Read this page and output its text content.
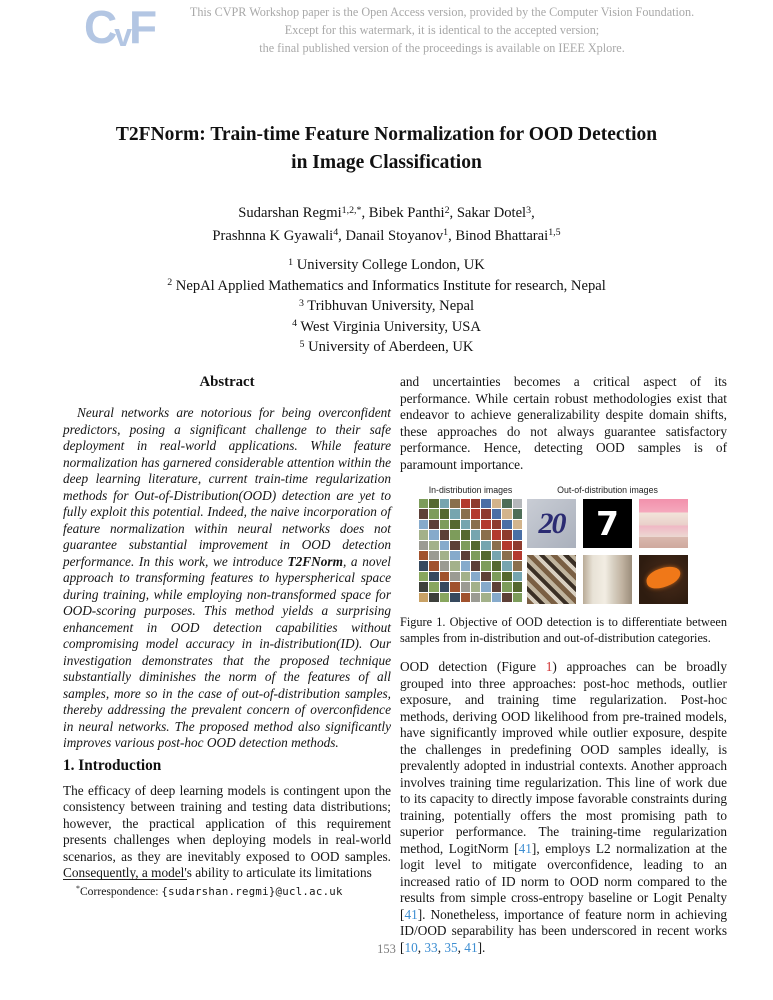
CvF	This CVPR Workshop paper is the Open Access version, provided by the Computer Vision Foundation.
Except for this watermark, it is identical to the accepted version;
the final published version of the proceedings is available on IEEE Xplore.
T2FNorm: Train-time Feature Normalization for OOD Detection
in Image Classification
Sudarshan Regmi$^{1,2,*}$, Bibek Panthi$^2$, Sakar Dotel$^3$,
Prashnna K Gyawali$^4$, Danail Stoyanov$^1$, Binod Bhattarai$^{1,5}$
$^1$ University College London, UK
$^2$ NepAl Applied Mathematics and Informatics Institute for research, Nepal
$^3$ Tribhuvan University, Nepal
$^4$ West Virginia University, USA
$^5$ University of Aberdeen, UK
Abstract

Neural networks are notorious for being overconfident predictors, posing a significant challenge to their safe deployment in real-world applications. While feature normalization has garnered considerable attention within the deep learning literature, current train-time regularization methods for Out-of-Distribution(OOD) detection are yet to fully exploit this potential. Indeed, the naive incorporation of feature normalization within neural networks does not guarantee substantial improvement in OOD detection performance. In this work, we introduce T2FNorm, a novel approach to transforming features to hyperspherical space during training, while employing non-transformed space for OOD-scoring purposes. This method yields a surprising enhancement in OOD detection capabilities without compromising model accuracy in in-distribution(ID). Our investigation demonstrates that the proposed technique substantially diminishes the norm of the features of all samples, more so in the case of out-of-distribution samples, thereby addressing the prevalent concern of overconfidence in neural networks. The proposed method also significantly improves various post-hoc OOD detection methods.

1. Introduction

The efficacy of deep learning models is contingent upon the consistency between training and testing data distributions; however, the practical application of this requirement presents challenges when deploying models in real-world scenarios, as they are inevitably exposed to OOD samples. Consequently, a model's ability to articulate its limitations

*Correspondence: {sudarshan.regmi}@ucl.ac.uk

and uncertainties becomes a critical aspect of its performance. While certain robust methodologies exist that endeavor to achieve generalizability despite domain shifts, these approaches do not always guarantee satisfactory performance. Hence, detecting OOD samples is of paramount importance.

In-distribution images	Out-of-distribution images
20 7

Figure 1. Objective of OOD detection is to differentiate between samples from in-distribution and out-of-distribution categories.

OOD detection (Figure 1) approaches can be broadly grouped into three approaches: post-hoc methods, outlier exposure, and training time regularization. Post-hoc methods, deriving OOD likelihood from pre-trained models, have significantly improved while outlier exposure, despite the challenges in predefining OOD samples ideally, is prevalently adopted in industrial contexts. Another approach involves training time regularization. This line of work due to its capacity to directly impose favorable constraints during training, potentially offers the most promising path to superior performance. The training-time regularization method, LogitNorm [41], employs L2 normalization at the logit level to mitigate overconfidence, leading to an increased ratio of ID norm to OOD norm compared to the results from simple cross-entropy baseline or Logit Penalty [41]. Nonetheless, importance of feature norm in achieving ID/OOD separability has been underscored in recent works [10, 33, 35, 41].

153
